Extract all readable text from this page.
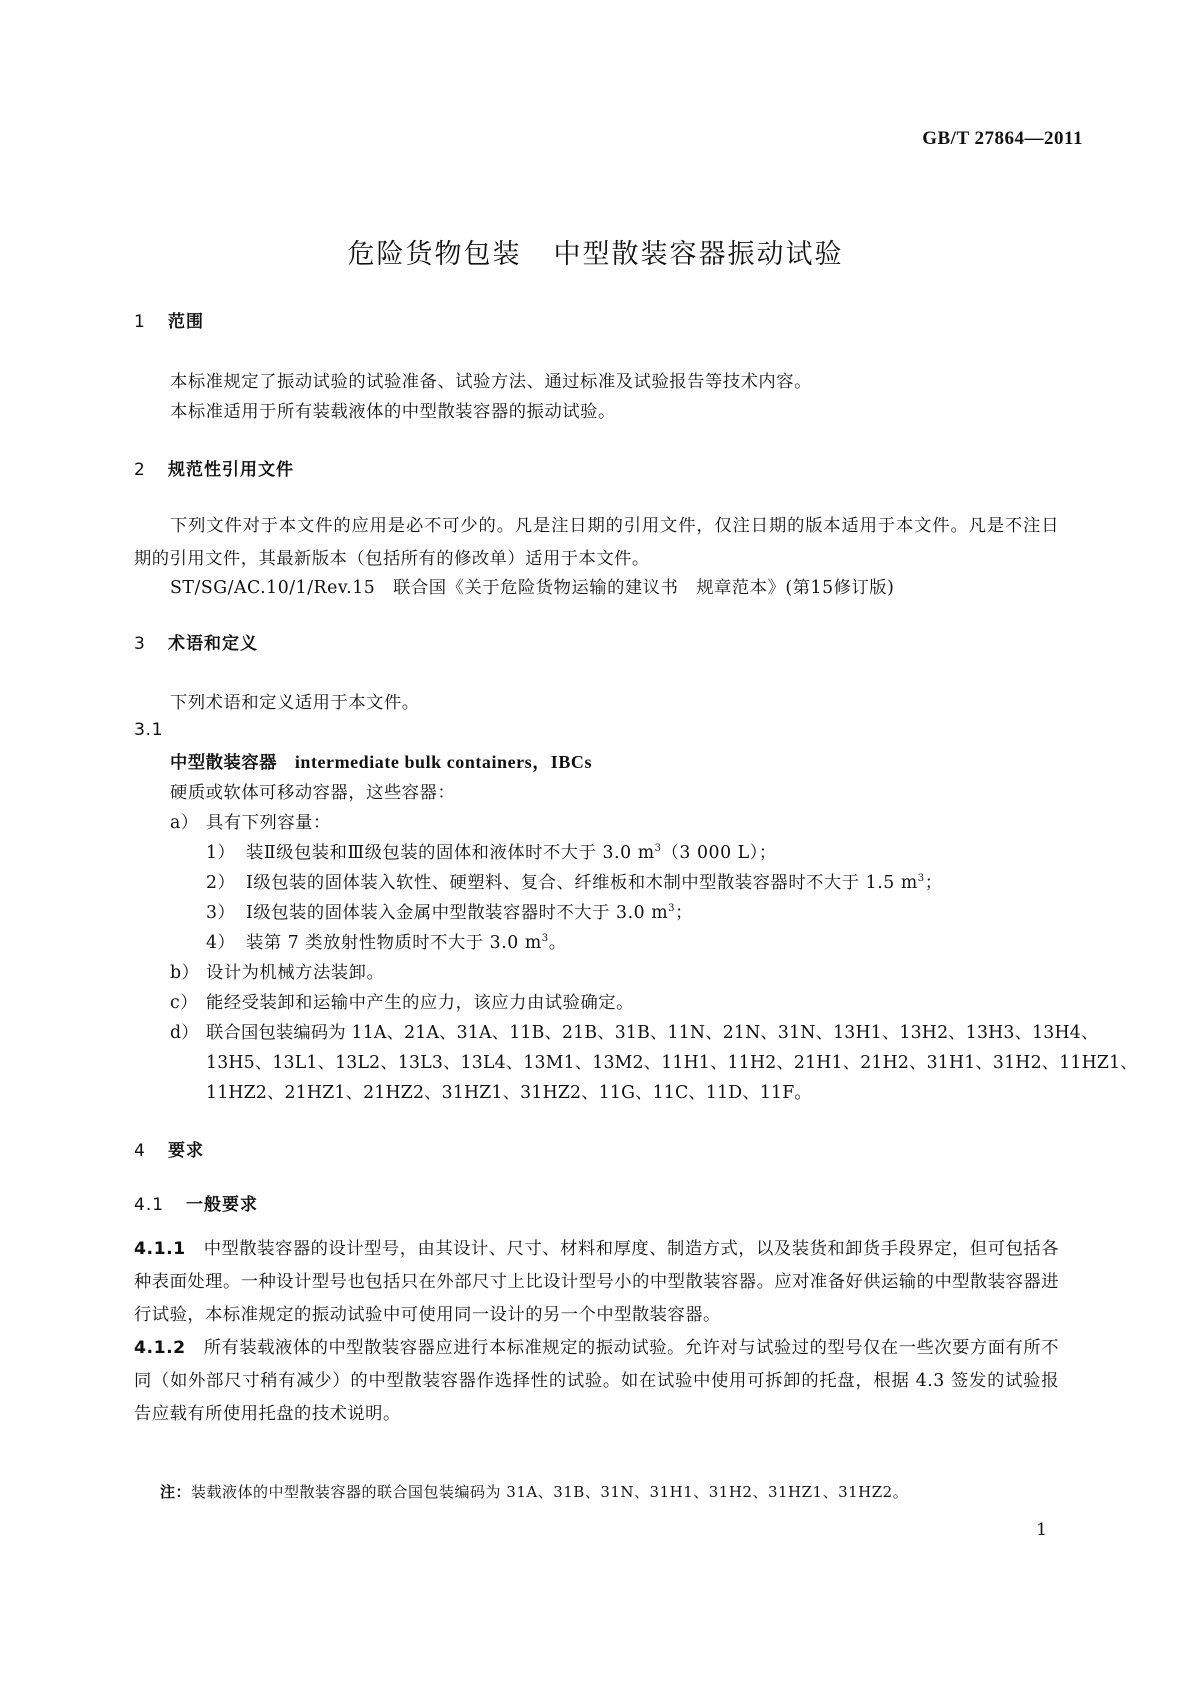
GB/T 27864—2011
危险货物包装 中型散装容器振动试验
1 范围
本标准规定了振动试验的试验准备、试验方法、通过标准及试验报告等技术内容。
本标准适用于所有装载液体的中型散装容器的振动试验。
2 规范性引用文件
下列文件对于本文件的应用是必不可少的。凡是注日期的引用文件，仅注日期的版本适用于本文件。凡是不注日期的引用文件，其最新版本（包括所有的修改单）适用于本文件。
ST/SG/AC.10/1/Rev.15　 联合国《关于危险货物运输的建议书　规章范本》(第15修订版)
3 术语和定义
下列术语和定义适用于本文件。
3.1
中型散装容器　 intermediate bulk containers，IBCs
硬质或软体可移动容器，这些容器：
a） 具有下列容量：
1） 装Ⅱ级包装和Ⅲ级包装的固体和液体时不大于 3.0 $m^3(3$ 000 L）；
2） Ⅰ级包装的固体装入软性、硬塑料、复合、纤维板和木制中型散装容器时不大于 1.5 $m^3$；
3） Ⅰ级包装的固体装入金属中型散装容器时不大于 3.0 $m^3$；
4） 装第 7 类放射性物质时不大于 3.0 $m^3$。
b） 设计为机械方法装卸。
c） 能经受装卸和运输中产生的应力，该应力由试验确定。
d） 联合国包装编码为 11A、21A、31A、11B、21B、31B、11N、21N、31N、13H1、13H2、13H3、13H4、
13H5、13L1、13L2、13L3、13L4、13M1、13M2、11H1、11H2、21H1、21H2、31H1、31H2、11HZ1、
11HZ2、21HZ1、21HZ2、31HZ1、31HZ2、11G、11C、11D、11F。
4 要求
4.1 一般要求
4.1.1 中型散装容器的设计型号，由其设计、尺寸、材料和厚度、制造方式，以及装货和卸货手段界定，但可包括各种表面处理。一种设计型号也包括只在外部尺寸上比设计型号小的中型散装容器。应对准备好供运输的中型散装容器进行试验，本标准规定的振动试验中可使用同一设计的另一个中型散装容器。
4.1.2 所有装载液体的中型散装容器应进行本标准规定的振动试验。允许对与试验过的型号仅在一些次要方面有所不同（如外部尺寸稍有减少）的中型散装容器作选择性的试验。如在试验中使用可拆卸的托盘，根据 4.3 签发的试验报告应载有所使用托盘的技术说明。
注：装载液体的中型散装容器的联合国包装编码为 31A、31B、31N、31H1、31H2、31HZ1、31HZ2。
1
